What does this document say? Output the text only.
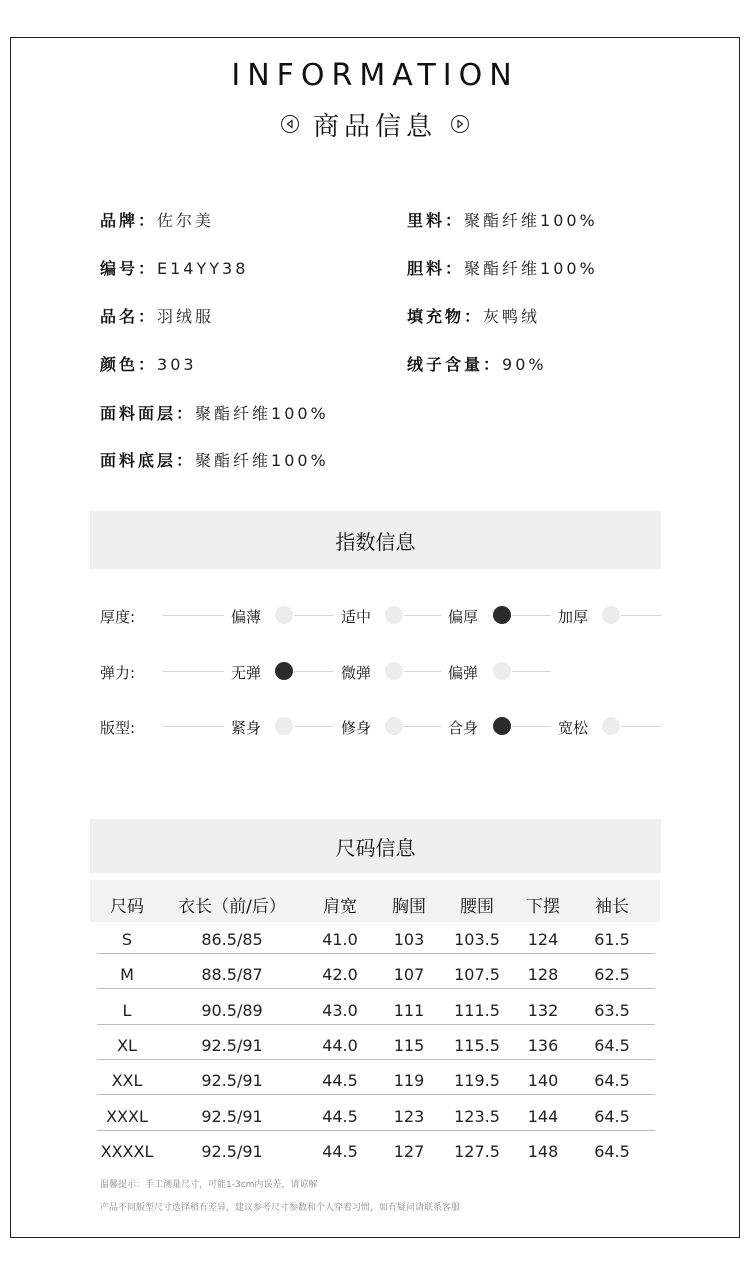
INFORMATION
商品信息
品牌：佐尔美
编号：E14YY38
品名：羽绒服
颜色：303
面料面层：聚酯纤维100%
面料底层：聚酯纤维100%
里料：聚酯纤维100%
胆料：聚酯纤维100%
填充物：灰鸭绒
绒子含量：90%
指数信息
厚度:	偏薄	适中	偏厚	加厚
弹力:	无弹	微弹	偏弹
版型:	紧身	修身	合身	宽松
尺码信息
尺码	衣长（前/后）	肩宽	胸围	腰围	下摆	袖长
S	86.5/85	41.0	103	103.5	124	61.5
M	88.5/87	42.0	107	107.5	128	62.5
L	90.5/89	43.0	111	111.5	132	63.5
XL	92.5/91	44.0	115	115.5	136	64.5
XXL	92.5/91	44.5	119	119.5	140	64.5
XXXL	92.5/91	44.5	123	123.5	144	64.5
XXXXL	92.5/91	44.5	127	127.5	148	64.5
温馨提示：手工测量尺寸，可能1-3cm内误差，请谅解
产品不同版型尺寸选择稍有差异，建议参考尺寸参数和个人穿着习惯，如有疑问请联系客服
